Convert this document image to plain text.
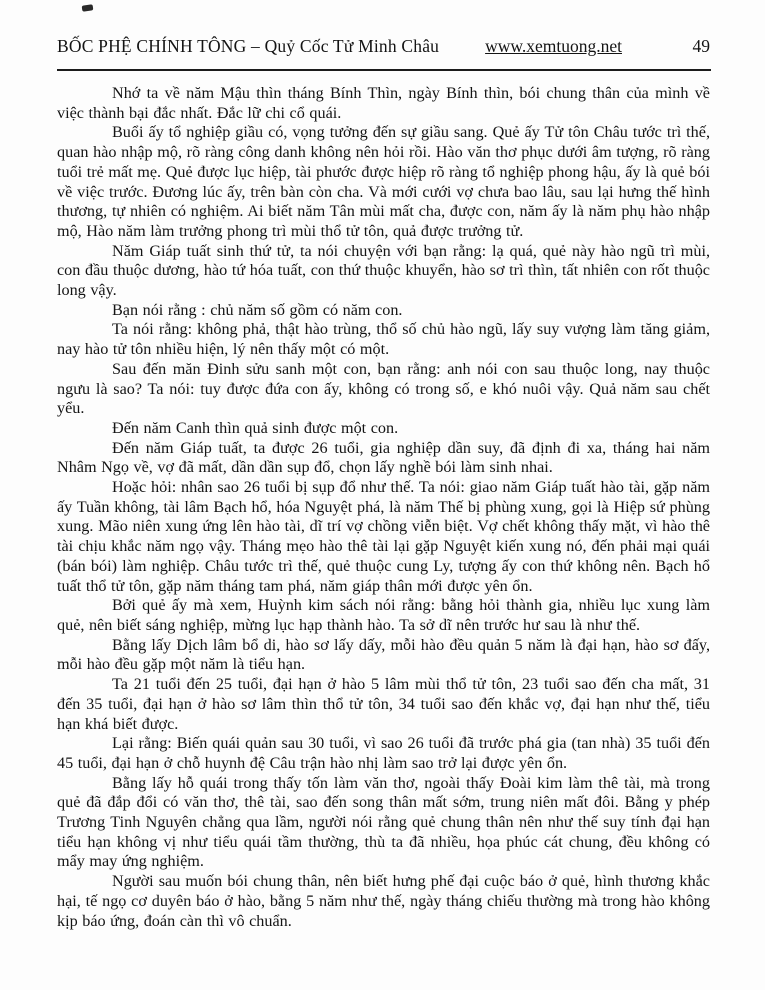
BỐC PHỆ CHÍNH TÔNG – Quỷ Cốc Tử Minh Châu	www.xemtuong.net	49

Nhớ ta về năm Mậu thìn tháng Bính Thìn, ngày Bính thìn, bói chung thân của mình về việc thành bại đắc nhất. Đắc lữ chi cổ quái.

Buổi ấy tổ nghiệp giầu có, vọng tưởng đến sự giầu sang. Quẻ ấy Tử tôn Châu tước trì thế, quan hào nhập mộ, rõ ràng công danh không nên hỏi rồi. Hào văn thơ phục dưới âm tượng, rõ ràng tuổi trẻ mất mẹ. Quẻ được lục hiệp, tài phước được hiệp rõ ràng tổ nghiệp phong hậu, ấy là quẻ bói về việc trước. Đương lúc ấy, trên bàn còn cha. Và mới cưới vợ chưa bao lâu, sau lại hưng thế hình thương, tự nhiên có nghiệm. Ai biết năm Tân mùi mất cha, được con, năm ấy là năm phụ hào nhập mộ, Hào năm làm trưởng phong trì mùi thổ tử tôn, quả được trưởng tử.

Năm Giáp tuất sinh thứ tử, ta nói chuyện với bạn rằng: lạ quá, quẻ này hào ngũ trì mùi, con đầu thuộc dương, hào tứ hóa tuất, con thứ thuộc khuyển, hào sơ trì thìn, tất nhiên con rốt thuộc long vậy.

Bạn nói rằng : chủ năm số gồm có năm con.

Ta nói rằng: không phả, thật hào trùng, thổ số chủ hào ngũ, lấy suy vượng làm tăng giảm, nay hào tử tôn nhiều hiện, lý nên thấy một có một.

Sau đến măn Đinh sửu sanh một con, bạn rằng: anh nói con sau thuộc long, nay thuộc ngưu là sao? Ta nói: tuy được đứa con ấy, không có trong số, e khó nuôi vậy. Quả năm sau chết yểu.

Đến năm Canh thìn quả sinh được một con.

Đến năm Giáp tuất, ta được 26 tuổi, gia nghiệp dần suy, đã định đi xa, tháng hai năm Nhâm Ngọ về, vợ đã mất, dần dần sụp đổ, chọn lấy nghề bói làm sinh nhai.

Hoặc hỏi: nhân sao 26 tuổi bị sụp đổ như thế. Ta nói: giao năm Giáp tuất hào tài, gặp năm ấy Tuần không, tài lâm Bạch hổ, hóa Nguyệt phá, là năm Thế bị phùng xung, gọi là Hiệp sứ phùng xung. Mão niên xung ứng lên hào tài, dĩ trí vợ chồng viễn biệt. Vợ chết không thấy mặt, vì hào thê tài chịu khắc năm ngọ vậy. Tháng mẹo hào thê tài lại gặp Nguyệt kiến xung nó, đến phải mại quái (bán bói) làm nghiệp. Châu tước trì thế, quẻ thuộc cung Ly, tượng ấy con thứ không nên. Bạch hổ tuất thổ tử tôn, gặp năm tháng tam phá, năm giáp thân mới được yên ổn.

Bởi quẻ ấy mà xem, Huỳnh kim sách nói rằng: bằng hỏi thành gia, nhiều lục xung làm quẻ, nên biết sáng nghiệp, mừng lục hạp thành hào. Ta sở dĩ nên trước hư sau là như thế.

Bằng lấy Dịch lâm bổ di, hào sơ lấy dấy, mỗi hào đều quản 5 năm là đại hạn, hào sơ đấy, mỗi hào đều gặp một năm là tiểu hạn.

Ta 21 tuổi đến 25 tuổi, đại hạn ở hào 5 lâm mùi thổ tử tôn, 23 tuổi sao đến cha mất, 31 đến 35 tuổi, đại hạn ở hào sơ lâm thìn thổ tử tôn, 34 tuổi sao đến khắc vợ, đại hạn như thế, tiểu hạn khá biết được.

Lại rằng: Biến quái quản sau 30 tuổi, vì sao 26 tuổi đã trước phá gia (tan nhà) 35 tuổi đến 45 tuổi, đại hạn ở chỗ huynh đệ Câu trận hào nhị làm sao trở lại được yên ổn.

Bằng lấy hỗ quái trong thấy tốn làm văn thơ, ngoài thấy Đoài kim làm thê tài, mà trong quẻ đã đắp đổi có văn thơ, thê tài, sao đến song thân mất sớm, trung niên mất đôi. Bằng y phép Trương Tinh Nguyên chẳng qua lầm, người nói rằng quẻ chung thân nên như thế suy tính đại hạn tiểu hạn không vị như tiểu quái tầm thường, thù ta đã nhiều, họa phúc cát chung, đều không có mẩy may ứng nghiệm.

Người sau muốn bói chung thân, nên biết hưng phế đại cuộc báo ở quẻ, hình thương khắc hại, tế ngọ cơ duyên báo ở hào, bằng 5 năm như thế, ngày tháng chiếu thường mà trong hào không kịp báo ứng, đoán càn thì vô chuẩn.
